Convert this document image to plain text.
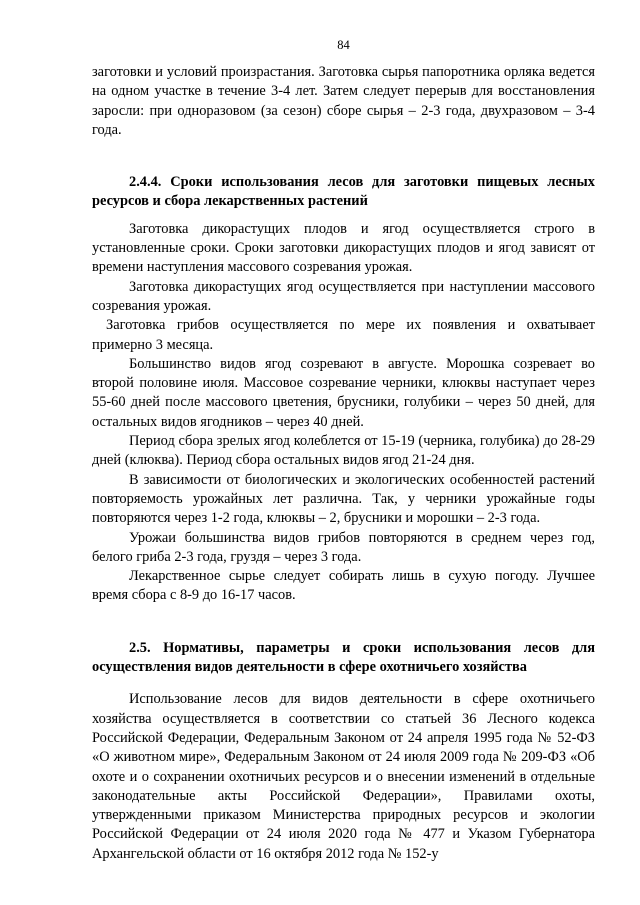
84

заготовки и условий произрастания. Заготовка сырья папоротника орляка ведется на одном участке в течение 3-4 лет. Затем следует перерыв для восстановления заросли: при одноразовом (за сезон) сборе сырья – 2-3 года, двухразовом – 3-4 года.

2.4.4. Сроки использования лесов для заготовки пищевых лесных ресурсов и сбора лекарственных растений

Заготовка дикорастущих плодов и ягод осуществляется строго в установленные сроки. Сроки заготовки дикорастущих плодов и ягод зависят от времени наступления массового созревания урожая.

Заготовка дикорастущих ягод осуществляется при наступлении массового созревания урожая.

Заготовка грибов осуществляется по мере их появления и охватывает примерно 3 месяца.

Большинство видов ягод созревают в августе. Морошка созревает во второй половине июля. Массовое созревание черники, клюквы наступает через 55-60 дней после массового цветения, брусники, голубики – через 50 дней, для остальных видов ягодников – через 40 дней.

Период сбора зрелых ягод колеблется от 15-19 (черника, голубика) до 28-29 дней (клюква). Период сбора остальных видов ягод 21-24 дня.

В зависимости от биологических и экологических особенностей растений повторяемость урожайных лет различна. Так, у черники урожайные годы повторяются через 1-2 года, клюквы – 2, брусники и морошки – 2-3 года.

Урожаи большинства видов грибов повторяются в среднем через год, белого гриба 2-3 года, груздя – через 3 года.

Лекарственное сырье следует собирать лишь в сухую погоду. Лучшее время сбора с 8-9 до 16-17 часов.

2.5. Нормативы, параметры и сроки использования лесов для осуществления видов деятельности в сфере охотничьего хозяйства

Использование лесов для видов деятельности в сфере охотничьего хозяйства осуществляется в соответствии со статьей 36 Лесного кодекса Российской Федерации, Федеральным Законом от 24 апреля 1995 года № 52-ФЗ «О животном мире», Федеральным Законом от 24 июля 2009 года № 209-ФЗ «Об охоте и о сохранении охотничьих ресурсов и о внесении изменений в отдельные законодательные акты Российской Федерации», Правилами охоты, утвержденными приказом Министерства природных ресурсов и экологии Российской Федерации от 24 июля 2020 года № 477 и Указом Губернатора Архангельской области от 16 октября 2012 года № 152-у
